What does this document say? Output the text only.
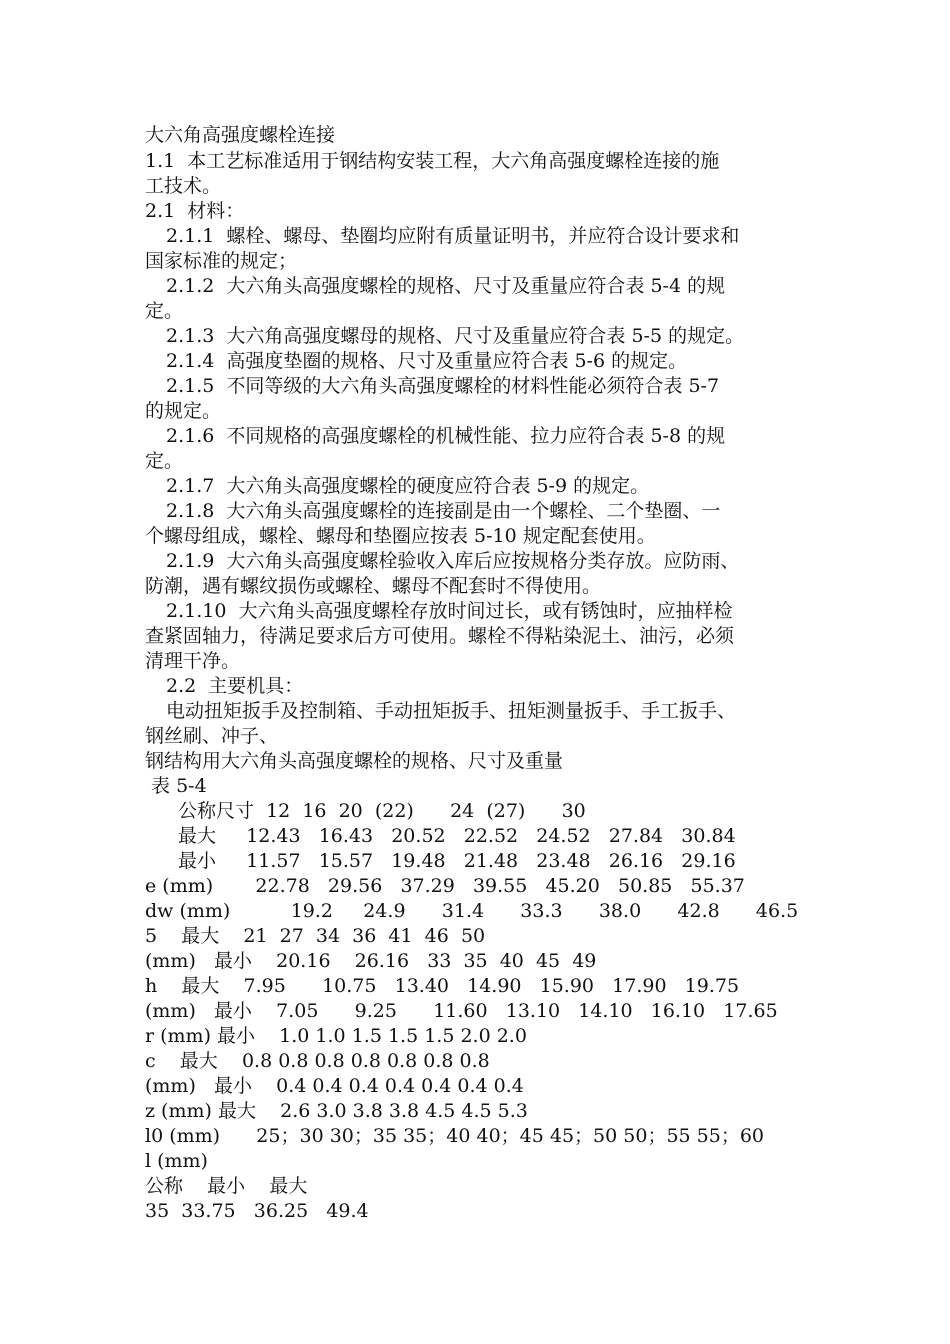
大六角高强度螺栓连接
1.1  本工艺标准适用于钢结构安装工程，大六角高强度螺栓连接的施
工技术。
2.1  材料：
2.1.1  螺栓、螺母、垫圈均应附有质量证明书，并应符合设计要求和
国家标准的规定；
2.1.2  大六角头高强度螺栓的规格、尺寸及重量应符合表 5-4 的规
定。
2.1.3  大六角高强度螺母的规格、尺寸及重量应符合表 5-5 的规定。
2.1.4  高强度垫圈的规格、尺寸及重量应符合表 5-6 的规定。
2.1.5  不同等级的大六角头高强度螺栓的材料性能必须符合表 5-7
的规定。
2.1.6  不同规格的高强度螺栓的机械性能、拉力应符合表 5-8 的规
定。
2.1.7  大六角头高强度螺栓的硬度应符合表 5-9 的规定。
2.1.8  大六角头高强度螺栓的连接副是由一个螺栓、二个垫圈、一
个螺母组成，螺栓、螺母和垫圈应按表 5-10 规定配套使用。
2.1.9  大六角头高强度螺栓验收入库后应按规格分类存放。应防雨、
防潮，遇有螺纹损伤或螺栓、螺母不配套时不得使用。
2.1.10  大六角头高强度螺栓存放时间过长，或有锈蚀时，应抽样检
查紧固轴力，待满足要求后方可使用。螺栓不得粘染泥土、油污，必须
清理干净。
2.2  主要机具：
电动扭矩扳手及控制箱、手动扭矩扳手、扭矩测量扳手、手工扳手、
钢丝刷、冲子、
钢结构用大六角头高强度螺栓的规格、尺寸及重量
表 5-4
公称尺寸  12  16  20  (22)      24  (27)      30
最大     12.43   16.43   20.52   22.52   24.52   27.84   30.84
最小     11.57   15.57   19.48   21.48   23.48   26.16   29.16
e (mm)       22.78   29.56   37.29   39.55   45.20   50.85   55.37
dw (mm)          19.2     24.9      31.4      33.3      38.0      42.8      46.5
5    最大    21  27  34  36  41  46  50
(mm)   最小    20.16    26.16   33  35  40  45  49
h    最大    7.95      10.75   13.40   14.90   15.90   17.90   19.75
(mm)   最小    7.05      9.25      11.60   13.10   14.10   16.10   17.65
r (mm) 最小    1.0 1.0 1.5 1.5 1.5 2.0 2.0
c    最大    0.8 0.8 0.8 0.8 0.8 0.8 0.8
(mm)   最小    0.4 0.4 0.4 0.4 0.4 0.4 0.4
z (mm) 最大    2.6 3.0 3.8 3.8 4.5 4.5 5.3
l0 (mm)      25；30 30；35 35；40 40；45 45；50 50；55 55；60
l (mm)
公称    最小    最大
35  33.75   36.25   49.4
